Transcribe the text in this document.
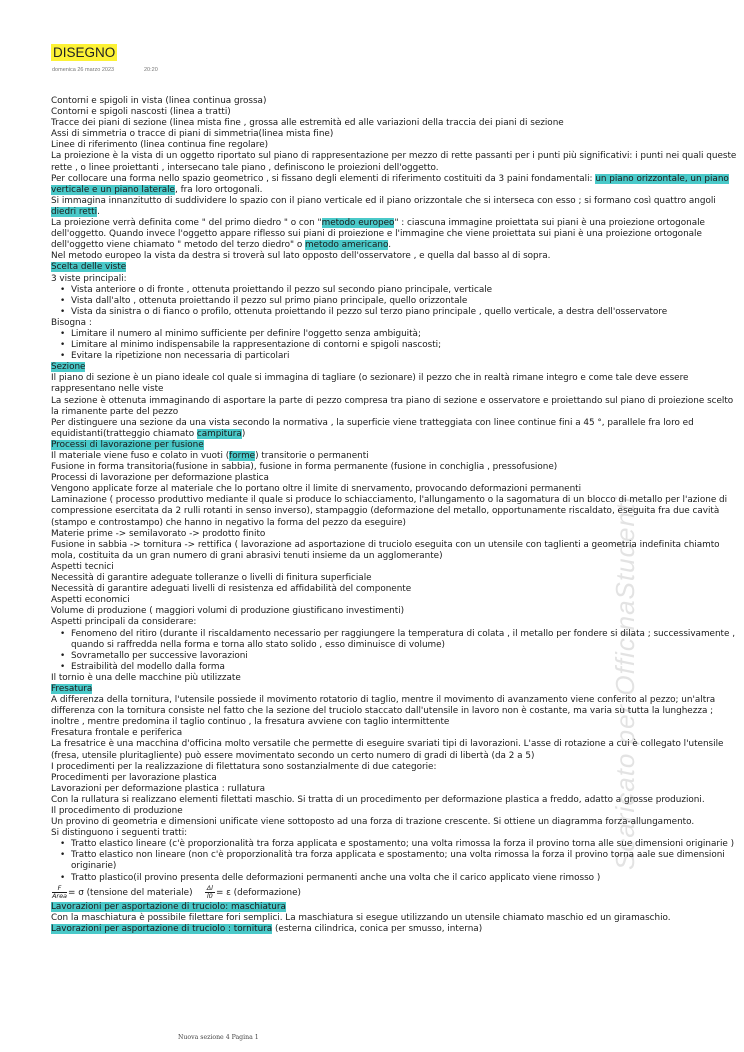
Scaricato per OfficinaStudenti
DISEGNO
domenica 26 marzo 2023	20:20

Contorni e spigoli in vista (linea continua grossa)

Contorni e spigoli nascosti (linea a tratti)

Tracce dei piani di sezione (linea mista fine , grossa alle estremità ed alle variazioni della traccia dei piani di sezione

Assi di simmetria o tracce di piani di simmetria(linea mista fine)

Linee di riferimento (linea continua fine regolare)

La proiezione è la vista di un oggetto riportato sul piano di rappresentazione per mezzo di rette passanti per i punti più significativi: i punti nei quali queste rette , o linee proiettanti , intersecano tale piano , definiscono le proiezioni dell'oggetto.

Per collocare una forma nello spazio geometrico , si fissano degli elementi di riferimento costituiti da 3 paini fondamentali: un piano orizzontale, un piano verticale e un piano laterale, fra loro ortogonali.

Si immagina innanzitutto di suddividere lo spazio con il piano verticale ed il piano orizzontale che si interseca con esso ; si formano così quattro angoli diedri retti.

La proiezione verrà definita come " del primo diedro " o con "metodo europeo" : ciascuna immagine proiettata sui piani è una proiezione ortogonale dell'oggetto. Quando invece l'oggetto appare riflesso sui piani di proiezione e l'immagine che viene proiettata sui piani è una proiezione ortogonale dell'oggetto viene chiamato " metodo del terzo diedro" o metodo americano.

Nel metodo europeo la vista da destra si troverà sul lato opposto dell'osservatore , e quella dal basso al di sopra.

Scelta delle viste

3 viste principali:

• Vista anteriore o di fronte , ottenuta proiettando il pezzo sul secondo piano principale, verticale
• Vista dall'alto , ottenuta proiettando il pezzo sul primo piano principale, quello orizzontale
• Vista da sinistra o di fianco o profilo, ottenuta proiettando il pezzo sul terzo piano principale , quello verticale, a destra dell'osservatore

Bisogna :

• Limitare il numero al minimo sufficiente per definire l'oggetto senza ambiguità;
• Limitare al minimo indispensabile la rappresentazione di contorni e spigoli nascosti;
• Evitare la ripetizione non necessaria di particolari

Sezione

Il piano di sezione è un piano ideale col quale si immagina di tagliare (o sezionare) il pezzo che in realtà rimane integro e come tale deve essere rappresentano nelle viste

La sezione è ottenuta immaginando di asportare la parte di pezzo compresa tra piano di sezione e osservatore e proiettando sul piano di proiezione scelto la rimanente parte del pezzo

Per distinguere una sezione da una vista secondo la normativa , la superficie viene tratteggiata con linee continue fini a 45 °, parallele fra loro ed equidistanti(tratteggio chiamato campitura)

Processi di lavorazione per fusione

Il materiale viene fuso e colato in vuoti (forme) transitorie o permanenti

Fusione in forma transitoria(fusione in sabbia), fusione in forma permanente (fusione in conchiglia , pressofusione)

Processi di lavorazione per deformazione plastica

Vengono applicate forze al materiale che lo portano oltre il limite di snervamento, provocando deformazioni permanenti

Laminazione ( processo produttivo mediante il quale si produce lo schiacciamento, l'allungamento o la sagomatura di un blocco di metallo per l'azione di compressione esercitata da 2 rulli rotanti in senso inverso), stampaggio (deformazione del metallo, opportunamente riscaldato, eseguita fra due cavità (stampo e controstampo) che hanno in negativo la forma del pezzo da eseguire)

Materie prime -> semilavorato -> prodotto finito

Fusione in sabbia -> tornitura -> rettifica ( lavorazione ad asportazione di truciolo eseguita con un utensile con taglienti a geometria indefinita chiamto mola, costituita da un gran numero di grani abrasivi tenuti insieme da un agglomerante)

Aspetti tecnici

Necessità di garantire adeguate tolleranze o livelli di finitura superficiale

Necessità di garantire adeguati livelli di resistenza ed affidabilità del componente

Aspetti economici

Volume di produzione ( maggiori volumi di produzione giustificano investimenti)

Aspetti principali da considerare:

• Fenomeno del ritiro (durante il riscaldamento necessario per raggiungere la temperatura di colata , il metallo per fondere si dilata ; successivamente , quando si raffredda nella forma e torna allo stato solido , esso diminuisce di volume)
• Sovrametallo per successive lavorazioni
• Estraibilità del modello dalla forma

Il tornio è una delle macchine più utilizzate

Fresatura

A differenza della tornitura, l'utensile possiede il movimento rotatorio di taglio, mentre il movimento di avanzamento viene conferito al pezzo; un'altra differenza con la tornitura consiste nel fatto che la sezione del truciolo staccato dall'utensile in lavoro non è costante, ma varia su tutta la lunghezza ; inoltre , mentre predomina il taglio continuo , la fresatura avviene con taglio intermittente

Fresatura frontale e periferica

La fresatrice è una macchina d'officina molto versatile che permette di eseguire svariati tipi di lavorazioni. L'asse di rotazione a cui è collegato l'utensile (fresa, utensile pluritagliente) può essere movimentato secondo un certo numero di gradi di libertà (da 2 a 5)

I procedimenti per la realizzazione di filettatura sono sostanzialmente di due categorie:

Procedimenti per lavorazione plastica

Lavorazioni per deformazione plastica : rullatura

Con la rullatura si realizzano elementi filettati maschio. Si tratta di un procedimento per deformazione plastica a freddo, adatto a grosse produzioni.

Il procedimento di produzione

Un provino di geometria e dimensioni unificate viene sottoposto ad una forza di trazione crescente. Si ottiene un diagramma forza-allungamento.

Si distinguono i seguenti tratti:

• Tratto elastico lineare (c'è proporzionalità tra forza applicata e spostamento; una volta rimossa la forza il provino torna alle sue dimensioni originarie )
• Tratto elastico non lineare (non c'è proporzionalità tra forza applicata e spostamento; una volta rimossa la forza il provino torna aale sue dimensioni originarie)
• Tratto plastico(il provino presenta delle deformazioni permanenti anche una volta che il carico applicato viene rimosso )

$\frac{F}{\text{Area}} = \sigma$ (tensione del materiale) $\frac{\Delta l}{l0} = \varepsilon$ (deformazione)

Lavorazioni per asportazione di truciolo: maschiatura

Con la maschiatura è possibile filettare fori semplici. La maschiatura si esegue utilizzando un utensile chiamato maschio ed un giramaschio.

Lavorazioni per asportazione di truciolo : tornitura (esterna cilindrica, conica per smusso, interna)

Nuova sezione 4 Pagina 1
